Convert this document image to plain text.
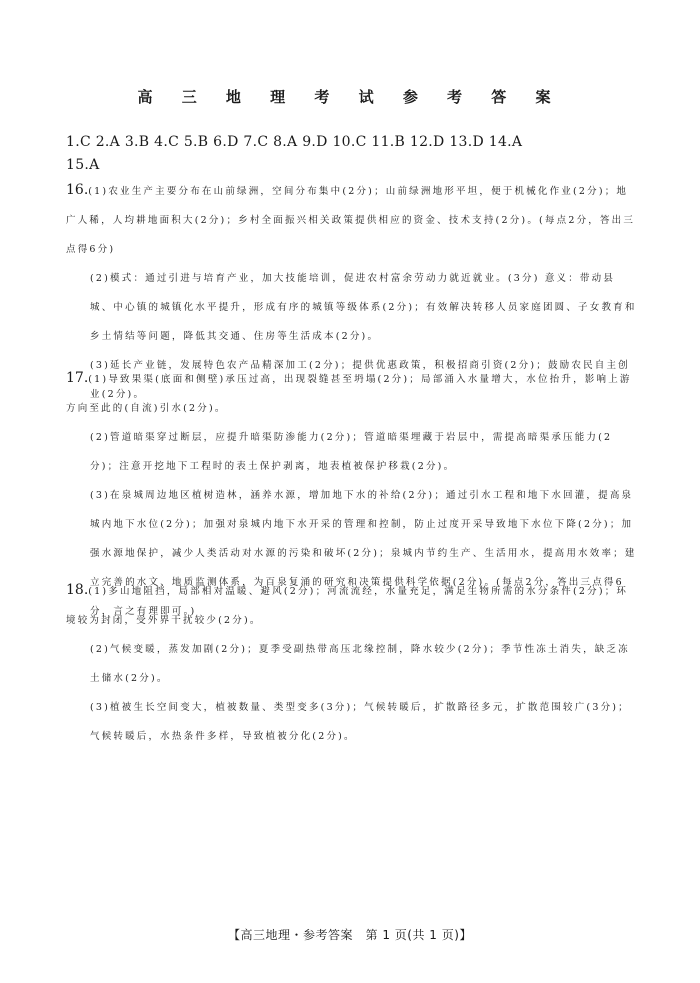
高 三 地 理 考 试 参 考 答 案
1.C 2.A 3.B 4.C 5.B 6.D 7.C 8.A 9.D 10.C 11.B 12.D 13.D 14.A
15.A
16.(1)农业生产主要分布在山前绿洲，空间分布集中(2分)；山前绿洲地形平坦，便于机械化作业(2分)；地广人稀，人均耕地面积大(2分)；乡村全面振兴相关政策提供相应的资金、技术支持(2分)。(每点2分，答出三点得6分)
(2)模式：通过引进与培育产业，加大技能培训，促进农村富余劳动力就近就业。(3分) 意义：带动县城、中心镇的城镇化水平提升，形成有序的城镇等级体系(2分)；有效解决转移人员家庭团圆、子女教育和乡土情结等问题，降低其交通、住房等生活成本(2分)。
(3)延长产业链，发展特色农产品精深加工(2分)；提供优惠政策，积极招商引资(2分)；鼓励农民自主创业(2分)。
17.(1)导致果渠(底面和侧壁)承压过高，出现裂缝甚至坍塌(2分)；局部涌入水量增大，水位抬升，影响上游方向至此的(自流)引水(2分)。
(2)管道暗渠穿过断层，应提升暗渠防渗能力(2分)；管道暗渠埋藏于岩层中，需提高暗渠承压能力(2分)；注意开挖地下工程时的表土保护剥离，地表植被保护移栽(2分)。
(3)在泉城周边地区植树造林，涵养水源，增加地下水的补给(2分)；通过引水工程和地下水回灌，提高泉城内地下水位(2分)；加强对泉城内地下水开采的管理和控制，防止过度开采导致地下水位下降(2分)；加强水源地保护，减少人类活动对水源的污染和破坏(2分)；泉城内节约生产、生活用水，提高用水效率；建立完善的水文、地质监测体系，为百泉复涌的研究和决策提供科学依据(2分)。(每点2分，答出三点得6分，言之有理即可。)
18.(1)多山地阻挡，局部相对温暖、避风(2分)；河流流经，水量充足，满足生物所需的水分条件(2分)；环境较为封闭，受外界干扰较少(2分)。
(2)气候变暖，蒸发加剧(2分)；夏季受副热带高压北缘控制，降水较少(2分)；季节性冻土消失，缺乏冻土储水(2分)。
(3)植被生长空间变大，植被数量、类型变多(3分)；气候转暖后，扩散路径多元，扩散范围较广(3分)；气候转暖后，水热条件多样，导致植被分化(2分)。
【高三地理・参考答案　第 1 页(共 1 页)】
